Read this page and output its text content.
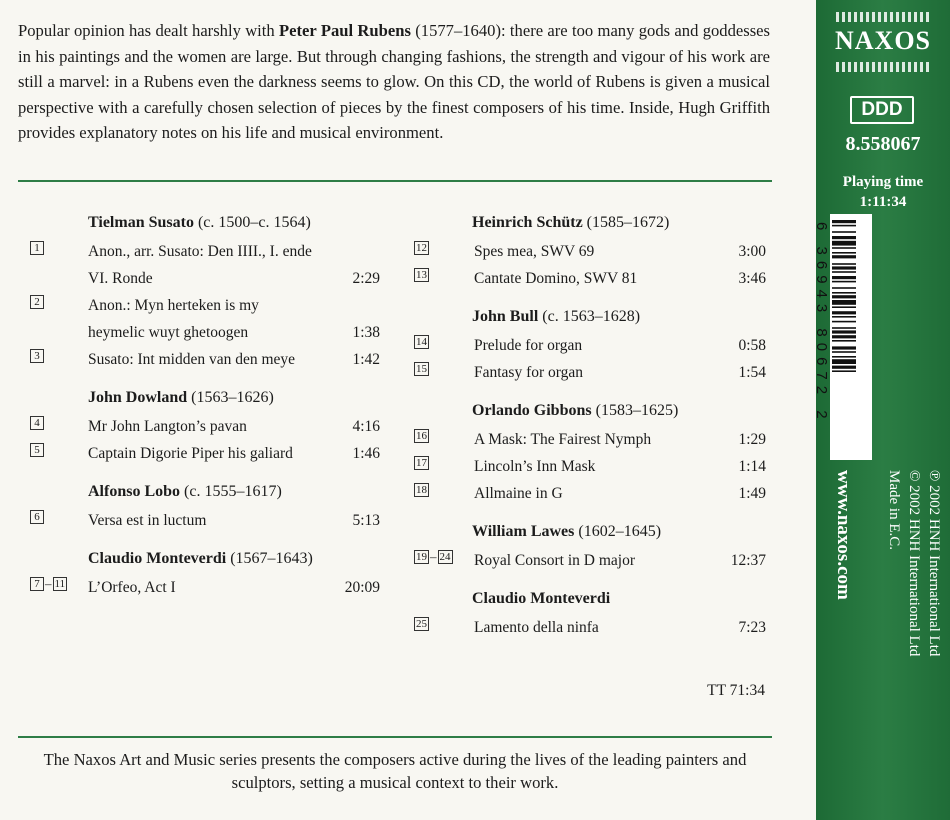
Popular opinion has dealt harshly with Peter Paul Rubens (1577–1640): there are too many gods and goddesses in his paintings and the women are large. But through changing fashions, the strength and vigour of his work are still a marvel: in a Rubens even the darkness seems to glow. On this CD, the world of Rubens is given a musical perspective with a carefully chosen selection of pieces by the finest composers of his time. Inside, Hugh Griffith provides explanatory notes on his life and musical environment.

Tielman Susato (c. 1500–c. 1564)
1	Anon., arr. Susato: Den IIII., I. ende VI. Ronde	2:29
2	Anon.: Myn herteken is my heymelic wuyt ghetoogen	1:38
3	Susato: Int midden van den meye	1:42
John Dowland (1563–1626)
4	Mr John Langton’s pavan	4:16
5	Captain Digorie Piper his galiard	1:46
Alfonso Lobo (c. 1555–1617)
6	Versa est in luctum	5:13
Claudio Monteverdi (1567–1643)
7 – 11 L’Orfeo, Act I	20:09
Heinrich Schütz (1585–1672)
12	Spes mea, SWV 69	3:00
13	Cantate Domino, SWV 81	3:46
John Bull (c. 1563–1628)
14	Prelude for organ	0:58
15	Fantasy for organ	1:54
Orlando Gibbons (1583–1625)
16	A Mask: The Fairest Nymph	1:29
17	Lincoln’s Inn Mask	1:14
18	Allmaine in G	1:49
William Lawes (1602–1645)
19 – 24 Royal Consort in D major	12:37
Claudio Monteverdi
25	Lamento della ninfa	7:23
TT 71:34

The Naxos Art and Music series presents the composers active during the lives of the leading painters and sculptors, setting a musical context to their work.

NAXOS
DDD
8.558067
Playing time
1:11:34
6 36943 80672 2
www.naxos.com	℗ 2002 HNH International Ltd
© 2002 HNH International Ltd
Made in E.C.
